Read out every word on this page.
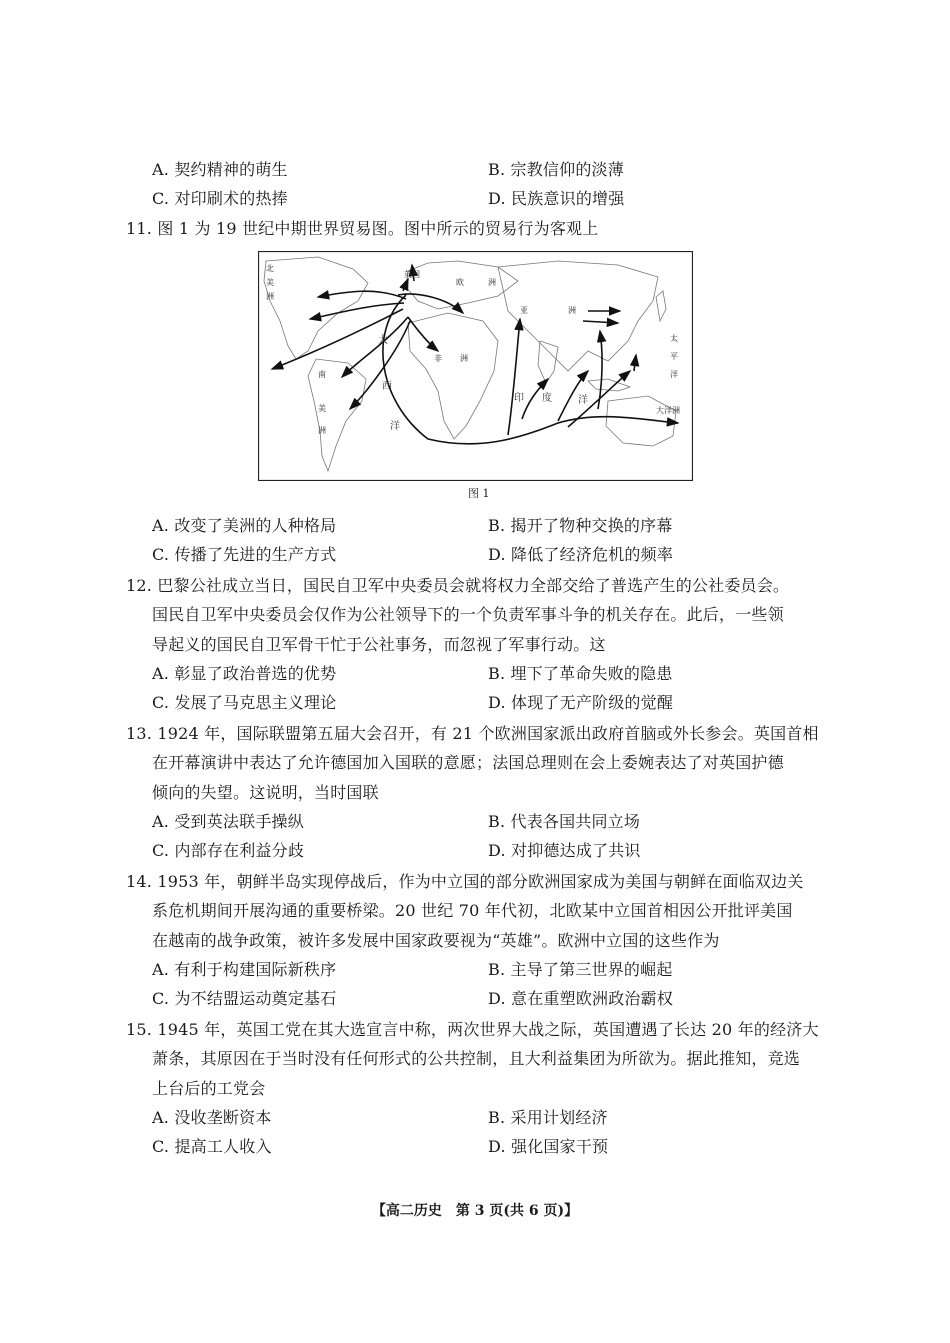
A. 契约精神的萌生	B. 宗教信仰的淡薄
C. 对印刷术的热捧	D. 民族意识的增强
11. 图 1 为 19 世纪中期世界贸易图。图中所示的贸易行为客观上
北
美
洲
英国
欧	洲
亚	洲
非 洲
南
美
洲
大
西
洋
印 度	洋
太
平
洋
大洋洲
图 1
A. 改变了美洲的人种格局	B. 揭开了物种交换的序幕
C. 传播了先进的生产方式	D. 降低了经济危机的频率
12. 巴黎公社成立当日，国民自卫军中央委员会就将权力全部交给了普选产生的公社委员会。
国民自卫军中央委员会仅作为公社领导下的一个负责军事斗争的机关存在。此后，一些领
导起义的国民自卫军骨干忙于公社事务，而忽视了军事行动。这
A. 彰显了政治普选的优势	B. 埋下了革命失败的隐患
C. 发展了马克思主义理论	D. 体现了无产阶级的觉醒
13. 1924 年，国际联盟第五届大会召开，有 21 个欧洲国家派出政府首脑或外长参会。英国首相
在开幕演讲中表达了允许德国加入国联的意愿；法国总理则在会上委婉表达了对英国护德
倾向的失望。这说明，当时国联
A. 受到英法联手操纵	B. 代表各国共同立场
C. 内部存在利益分歧	D. 对抑德达成了共识
14. 1953 年，朝鲜半岛实现停战后，作为中立国的部分欧洲国家成为美国与朝鲜在面临双边关
系危机期间开展沟通的重要桥梁。20 世纪 70 年代初，北欧某中立国首相因公开批评美国
在越南的战争政策，被许多发展中国家政要视为“英雄”。欧洲中立国的这些作为
A. 有利于构建国际新秩序	B. 主导了第三世界的崛起
C. 为不结盟运动奠定基石	D. 意在重塑欧洲政治霸权
15. 1945 年，英国工党在其大选宣言中称，两次世界大战之际，英国遭遇了长达 20 年的经济大
萧条，其原因在于当时没有任何形式的公共控制，且大利益集团为所欲为。据此推知，竞选
上台后的工党会
A. 没收垄断资本	B. 采用计划经济
C. 提高工人收入	D. 强化国家干预
【高二历史　第 3 页(共 6 页)】
